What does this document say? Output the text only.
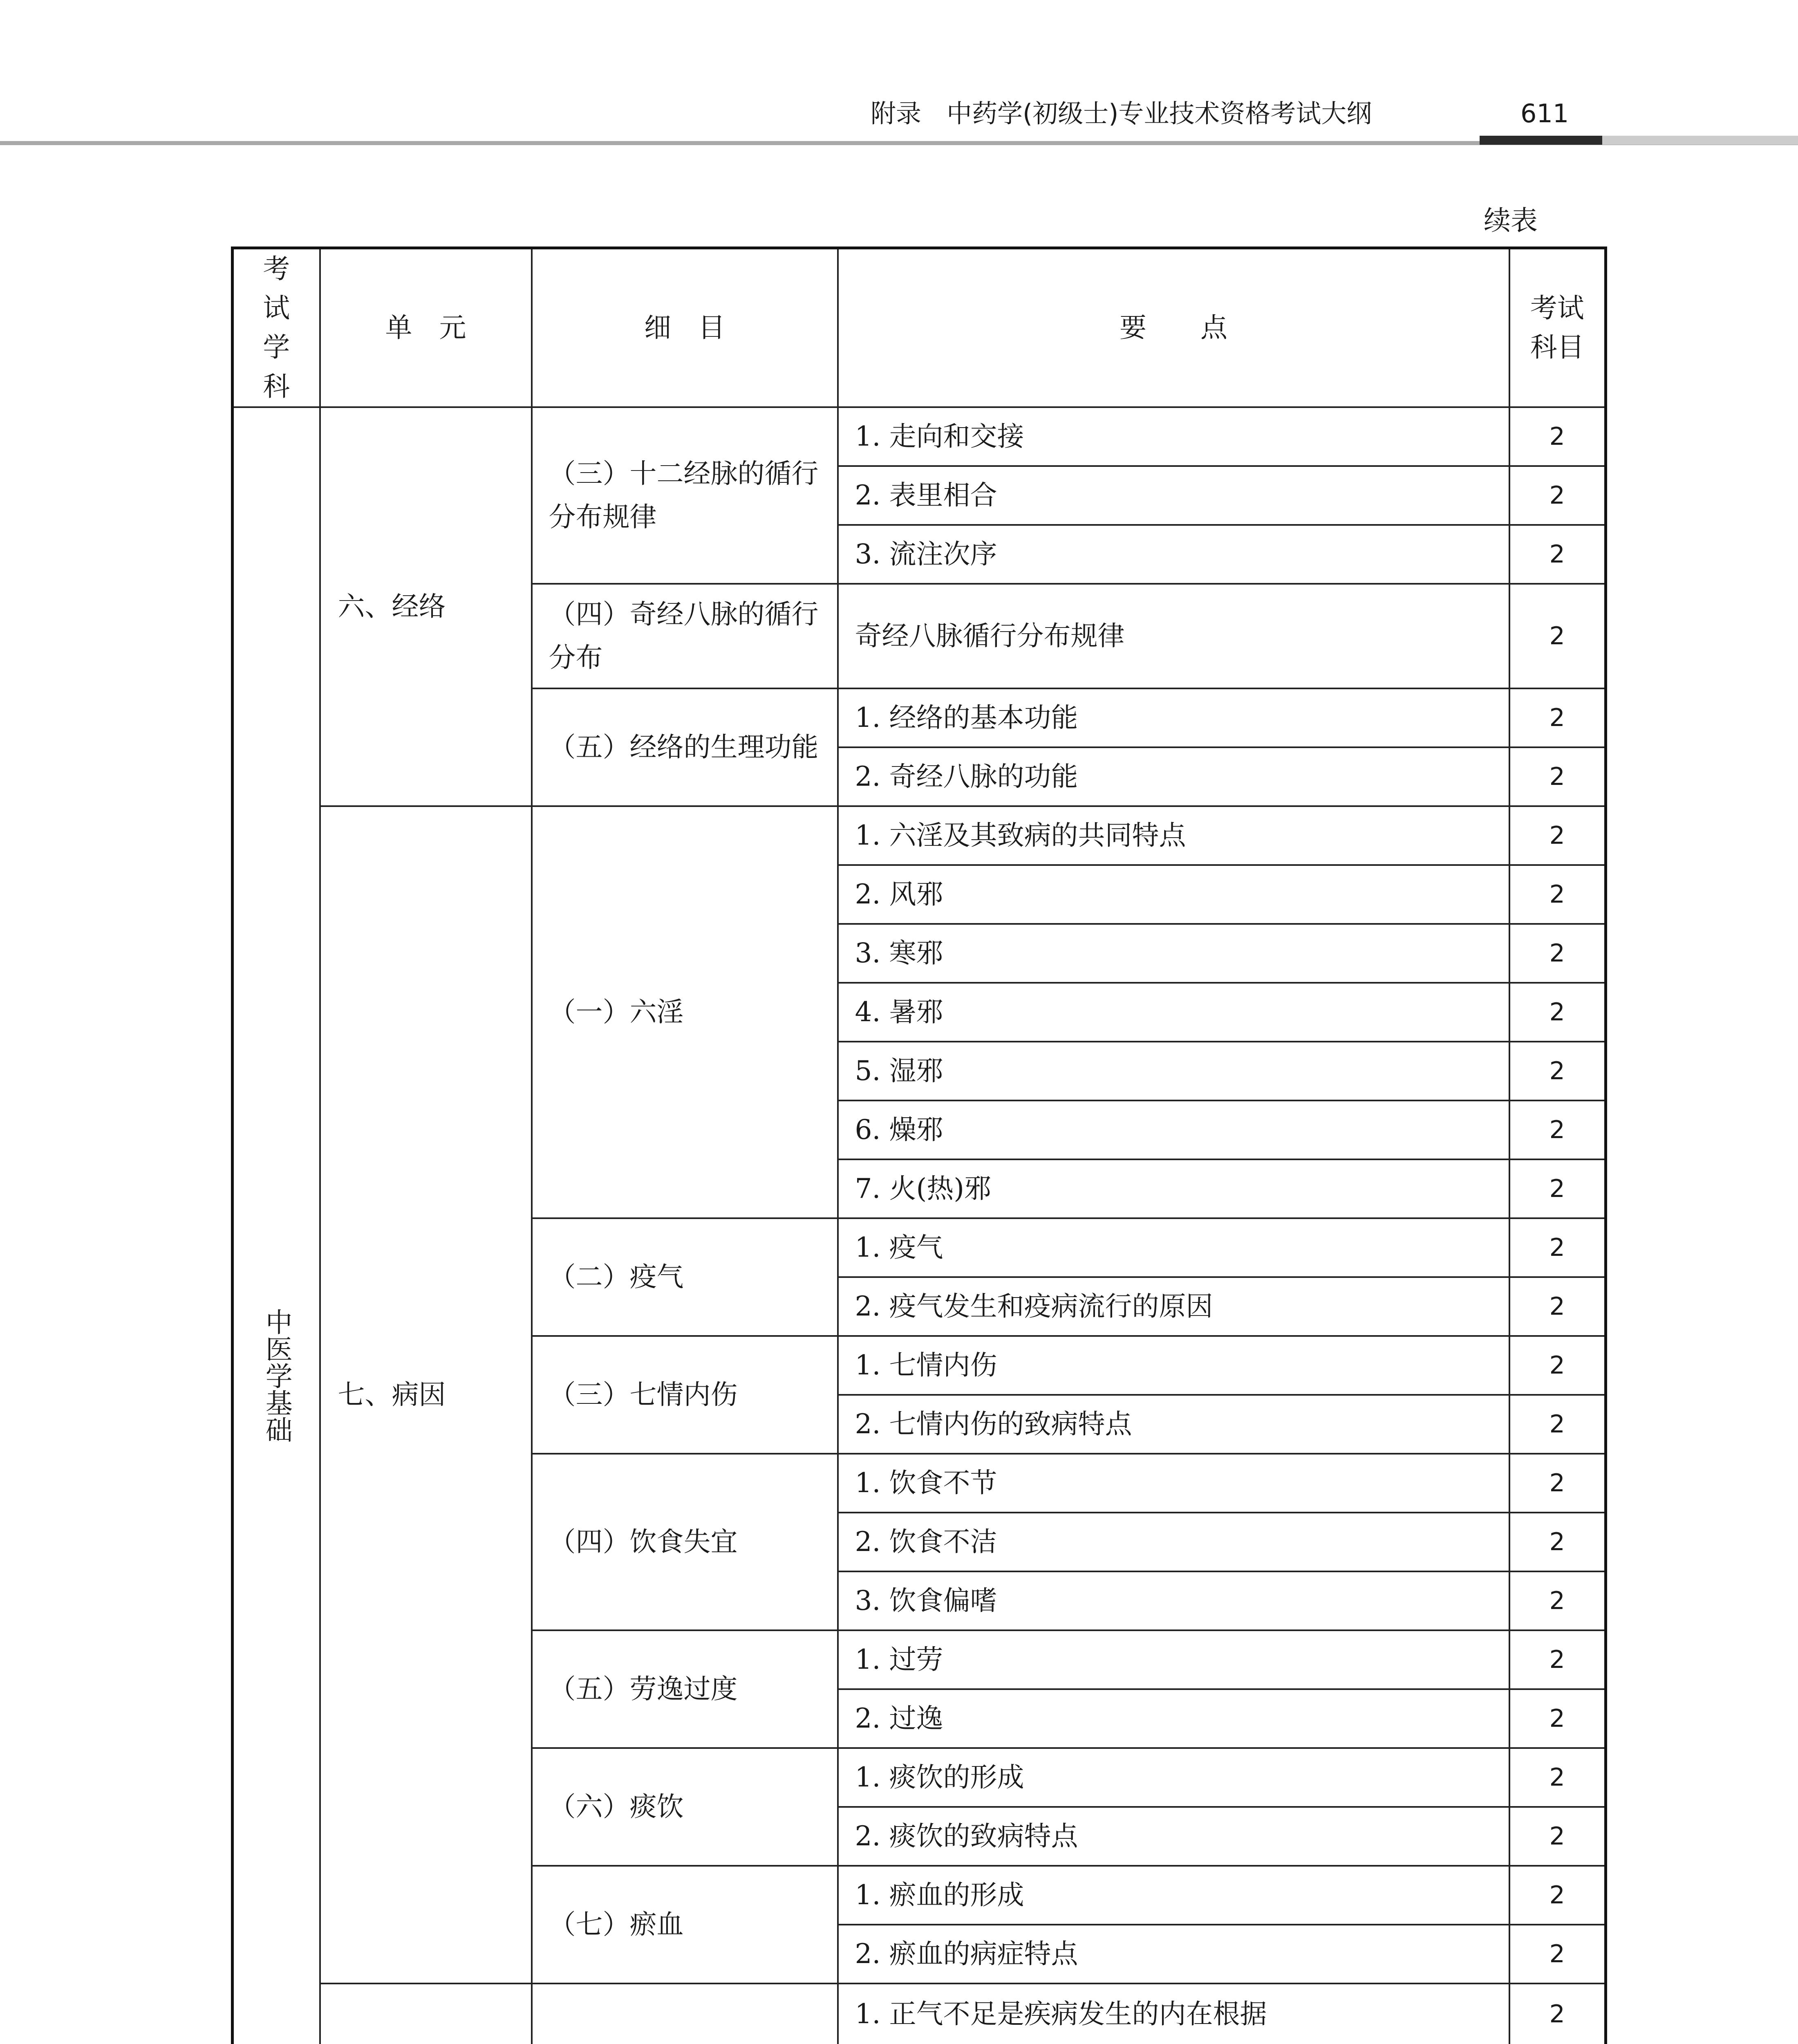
附录　中药学(初级士)专业技术资格考试大纲	611
续表
考试学科	单　元	细　目	要　　点	考试科目
中医学基础	六、经络	（三）十二经脉的循行分布规律	1. 走向和交接	2
			2. 表里相合	2
			3. 流注次序	2
		（四）奇经八脉的循行分布	奇经八脉循行分布规律	2
		（五）经络的生理功能	1. 经络的基本功能	2
			2. 奇经八脉的功能	2
	七、病因	（一）六淫	1. 六淫及其致病的共同特点	2
			2. 风邪	2
			3. 寒邪	2
			4. 暑邪	2
			5. 湿邪	2
			6. 燥邪	2
			7. 火(热)邪	2
		（二）疫气	1. 疫气	2
			2. 疫气发生和疫病流行的原因	2
		（三）七情内伤	1. 七情内伤	2
			2. 七情内伤的致病特点	2
		（四）饮食失宜	1. 饮食不节	2
			2. 饮食不洁	2
			3. 饮食偏嗜	2
		（五）劳逸过度	1. 过劳	2
			2. 过逸	2
		（六）痰饮	1. 痰饮的形成	2
			2. 痰饮的致病特点	2
		（七）瘀血	1. 瘀血的形成	2
			2. 瘀血的病症特点	2
		1. 正气不足是疾病发生的内在根据	2
